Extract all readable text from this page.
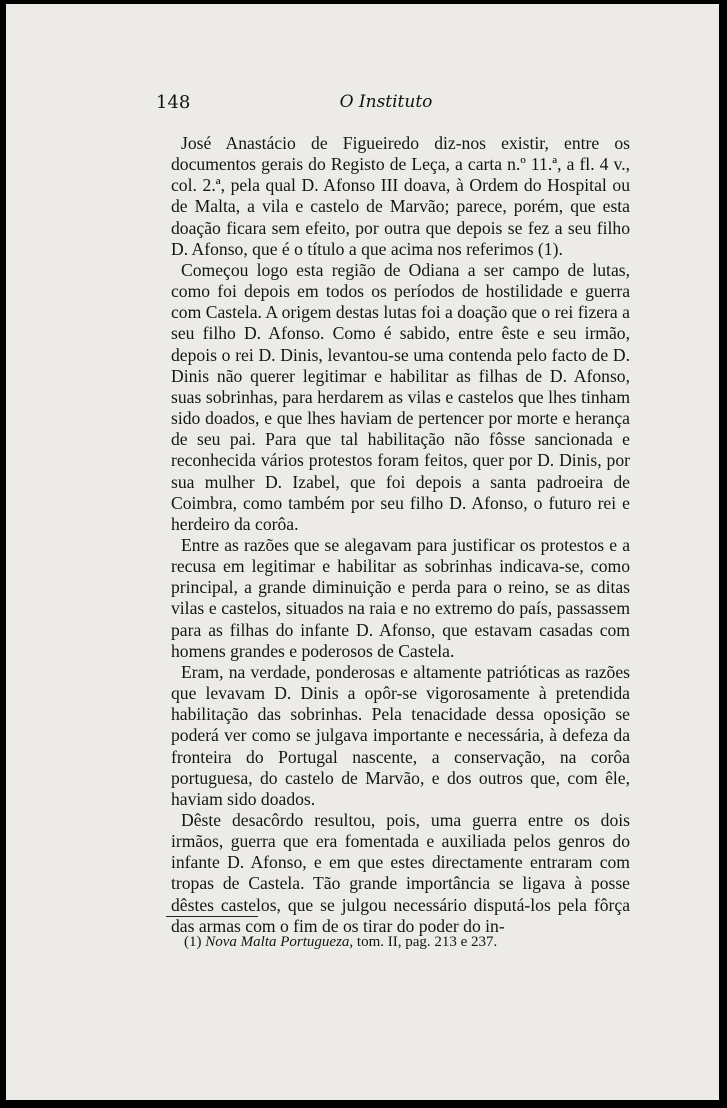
148	O Instituto

José Anastácio de Figueiredo diz-nos existir, entre os documentos gerais do Registo de Leça, a carta n.º 11.ª, a fl. 4 v., col. 2.ª, pela qual D. Afonso III doava, à Ordem do Hospital ou de Malta, a vila e castelo de Marvão; parece, porém, que esta doação ficara sem efeito, por outra que depois se fez a seu filho D. Afonso, que é o título a que acima nos referimos (1).

Começou logo esta região de Odiana a ser campo de lutas, como foi depois em todos os períodos de hostilidade e guerra com Castela. A origem destas lutas foi a doação que o rei fizera a seu filho D. Afonso. Como é sabido, entre êste e seu irmão, depois o rei D. Dinis, levantou-se uma contenda pelo facto de D. Dinis não querer legitimar e habilitar as filhas de D. Afonso, suas sobrinhas, para herdarem as vilas e castelos que lhes tinham sido doados, e que lhes haviam de pertencer por morte e herança de seu pai. Para que tal habilitação não fôsse sancionada e reconhecida vários protestos foram feitos, quer por D. Dinis, por sua mulher D. Izabel, que foi depois a santa padroeira de Coimbra, como também por seu filho D. Afonso, o futuro rei e herdeiro da corôa.

Entre as razões que se alegavam para justificar os protestos e a recusa em legitimar e habilitar as sobrinhas indicava-se, como principal, a grande diminuição e perda para o reino, se as ditas vilas e castelos, situados na raia e no extremo do país, passassem para as filhas do infante D. Afonso, que estavam casadas com homens grandes e poderosos de Castela.

Eram, na verdade, ponderosas e altamente patrióticas as razões que levavam D. Dinis a opôr-se vigorosamente à pretendida habilitação das sobrinhas. Pela tenacidade dessa oposição se poderá ver como se julgava importante e necessária, à defeza da fronteira do Portugal nascente, a conservação, na corôa portuguesa, do castelo de Marvão, e dos outros que, com êle, haviam sido doados.

Dêste desacôrdo resultou, pois, uma guerra entre os dois irmãos, guerra que era fomentada e auxiliada pelos genros do infante D. Afonso, e em que estes directamente entraram com tropas de Castela. Tão grande importância se ligava à posse dêstes castelos, que se julgou necessário disputá-los pela fôrça das armas com o fim de os tirar do poder do in-

(1) Nova Malta Portugueza, tom. II, pag. 213 e 237.
